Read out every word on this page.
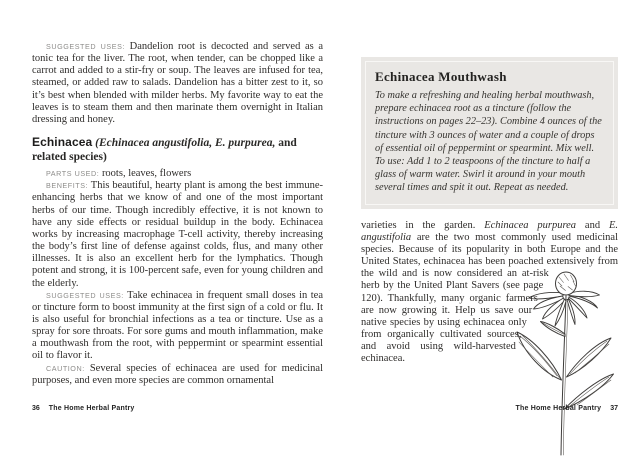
SUGGESTED USES: Dandelion root is decocted and served as a tonic tea for the liver. The root, when tender, can be chopped like a carrot and added to a stir-fry or soup. The leaves are infused for tea, steamed, or added raw to salads. Dandelion has a bitter zest to it, so it’s best when blended with milder herbs. My favorite way to eat the leaves is to steam them and then marinate them overnight in Italian dressing and honey.

Echinacea (Echinacea angustifolia, E. purpurea, and related species)

PARTS USED: roots, leaves, flowers

BENEFITS: This beautiful, hearty plant is among the best immune-enhancing herbs that we know of and one of the most important herbs of our time. Though incredibly effective, it is not known to have any side effects or residual buildup in the body. Echinacea works by increasing macrophage T-cell activity, thereby increasing the body’s first line of defense against colds, flus, and many other illnesses. It is also an excellent herb for the lymphatics. Though potent and strong, it is 100-percent safe, even for young children and the elderly.

SUGGESTED USES: Take echinacea in frequent small doses in tea or tincture form to boost immunity at the first sign of a cold or flu. It is also useful for bronchial infections as a tea or tincture. Use as a spray for sore throats. For sore gums and mouth inflammation, make a mouthwash from the root, with peppermint or spearmint essential oil to flavor it.

CAUTION: Several species of echinacea are used for medicinal purposes, and even more species are common ornamental

Echinacea Mouthwash

To make a refreshing and healing herbal mouthwash, prepare echinacea root as a tincture (follow the instructions on pages 22–23). Combine 4 ounces of the tincture with 3 ounces of water and a couple of drops of essential oil of peppermint or spearmint. Mix well. To use: Add 1 to 2 teaspoons of the tincture to half a glass of warm water. Swirl it around in your mouth several times and spit it out. Repeat as needed.

varieties in the garden. Echinacea purpurea and E. angustifolia are the two most commonly used medicinal species. Because of its popularity in both Europe and the United States, echinacea has been poached extensively from
the wild and is now considered an at-risk herb by the United Plant Savers (see page 120). Thankfully, many organic farmers are now growing it. Help us save our native species by using echinacea only from organically cultivated sources, and avoid using wild-harvested echinacea.

36 The Home Herbal Pantry	The Home Herbal Pantry 37
